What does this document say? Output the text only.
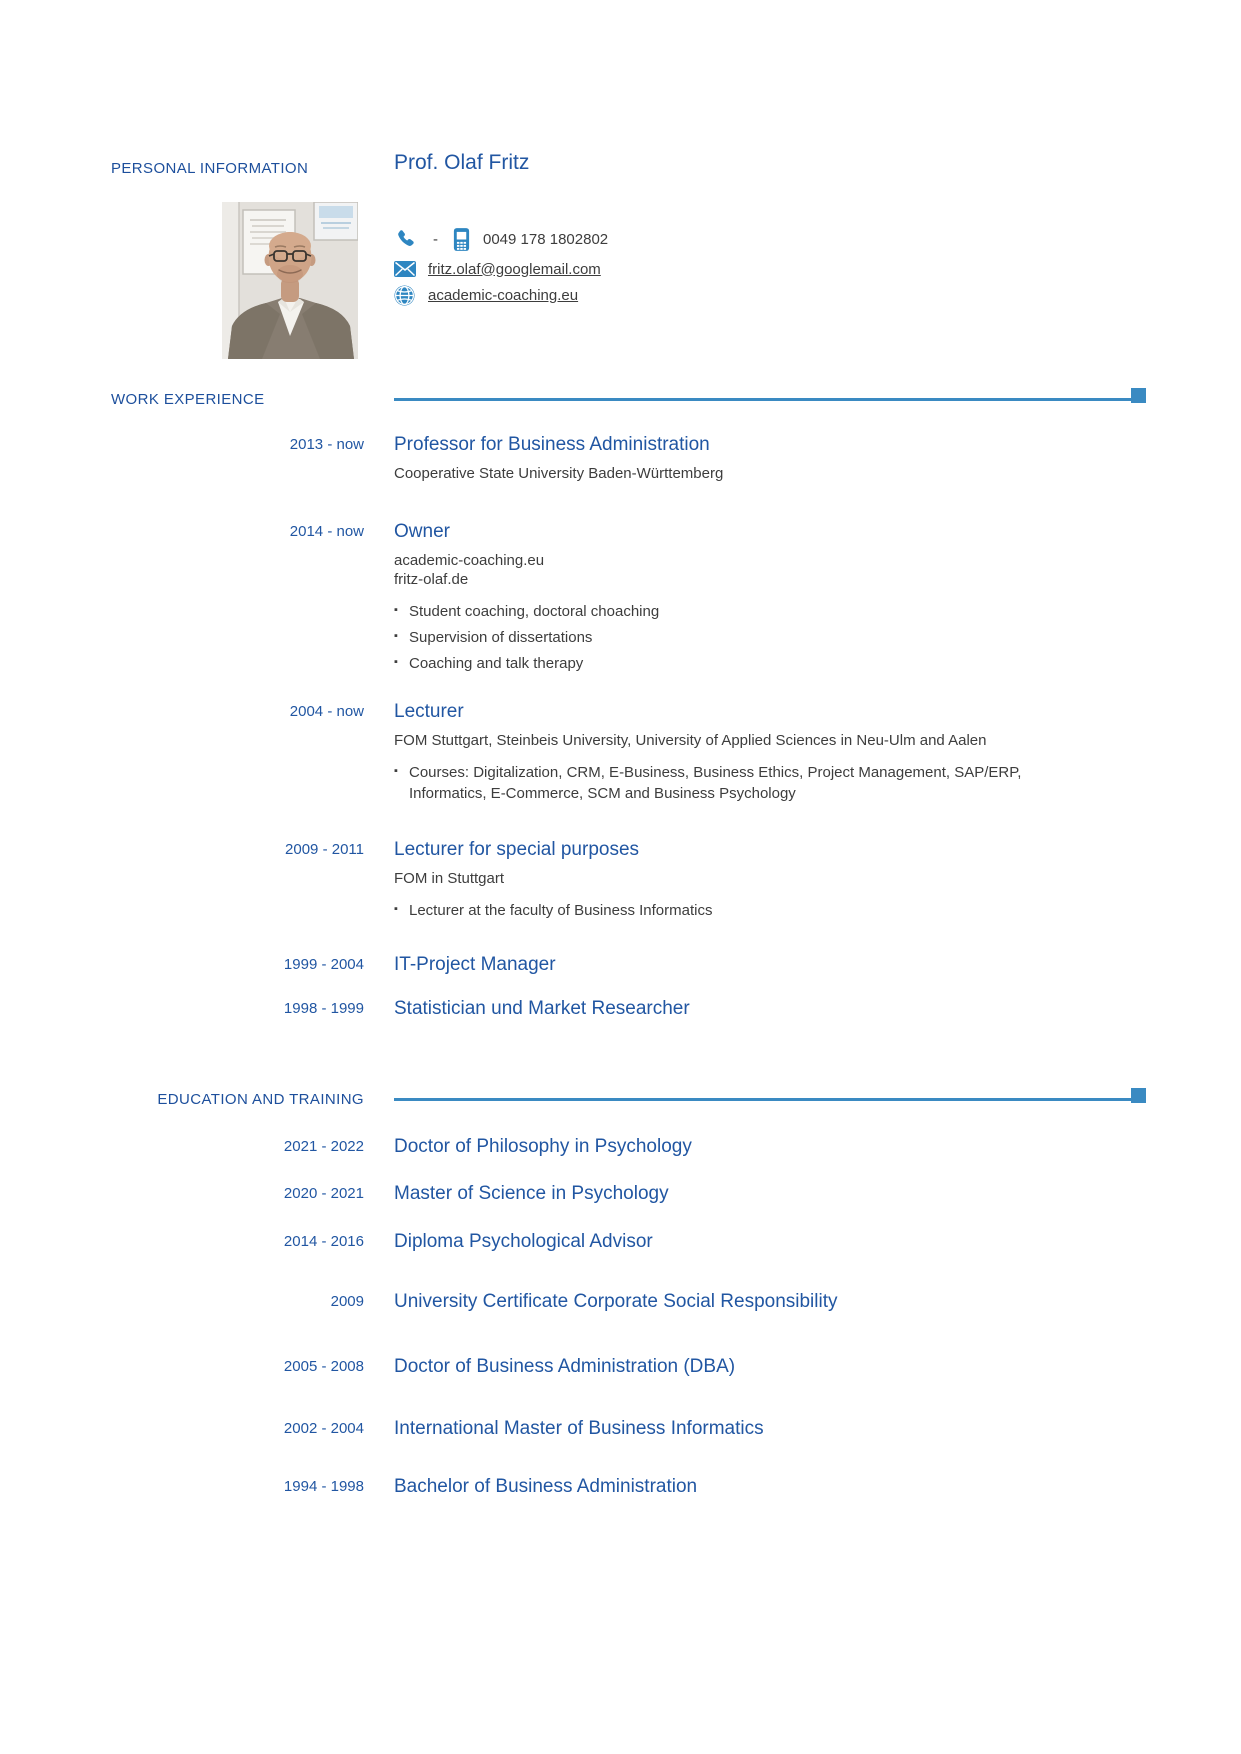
PERSONAL INFORMATION	Prof. Olaf Fritz
-	0049 178 1802802
fritz.olaf@googlemail.com
academic-coaching.eu
WORK EXPERIENCE
2013 - now Professor for Business Administration
Cooperative State University Baden-Württemberg
2014 - now Owner
academic-coaching.eu
fritz-olaf.de
▪ Student coaching, doctoral choaching
▪ Supervision of dissertations
▪ Coaching and talk therapy
2004 - now Lecturer
FOM Stuttgart, Steinbeis University, University of Applied Sciences in Neu-Ulm and Aalen
▪ Courses: Digitalization, CRM, E-Business, Business Ethics, Project Management, SAP/ERP, Informatics, E-Commerce, SCM and Business Psychology
2009 - 2011 Lecturer for special purposes
FOM in Stuttgart
▪ Lecturer at the faculty of Business Informatics
1999 - 2004 IT-Project Manager
1998 - 1999 Statistician und Market Researcher
EDUCATION AND TRAINING
2021 - 2022 Doctor of Philosophy in Psychology
2020 - 2021 Master of Science in Psychology
2014 - 2016 Diploma Psychological Advisor
2009 University Certificate Corporate Social Responsibility
2005 - 2008 Doctor of Business Administration (DBA)
2002 - 2004 International Master of Business Informatics
1994 - 1998 Bachelor of Business Administration
